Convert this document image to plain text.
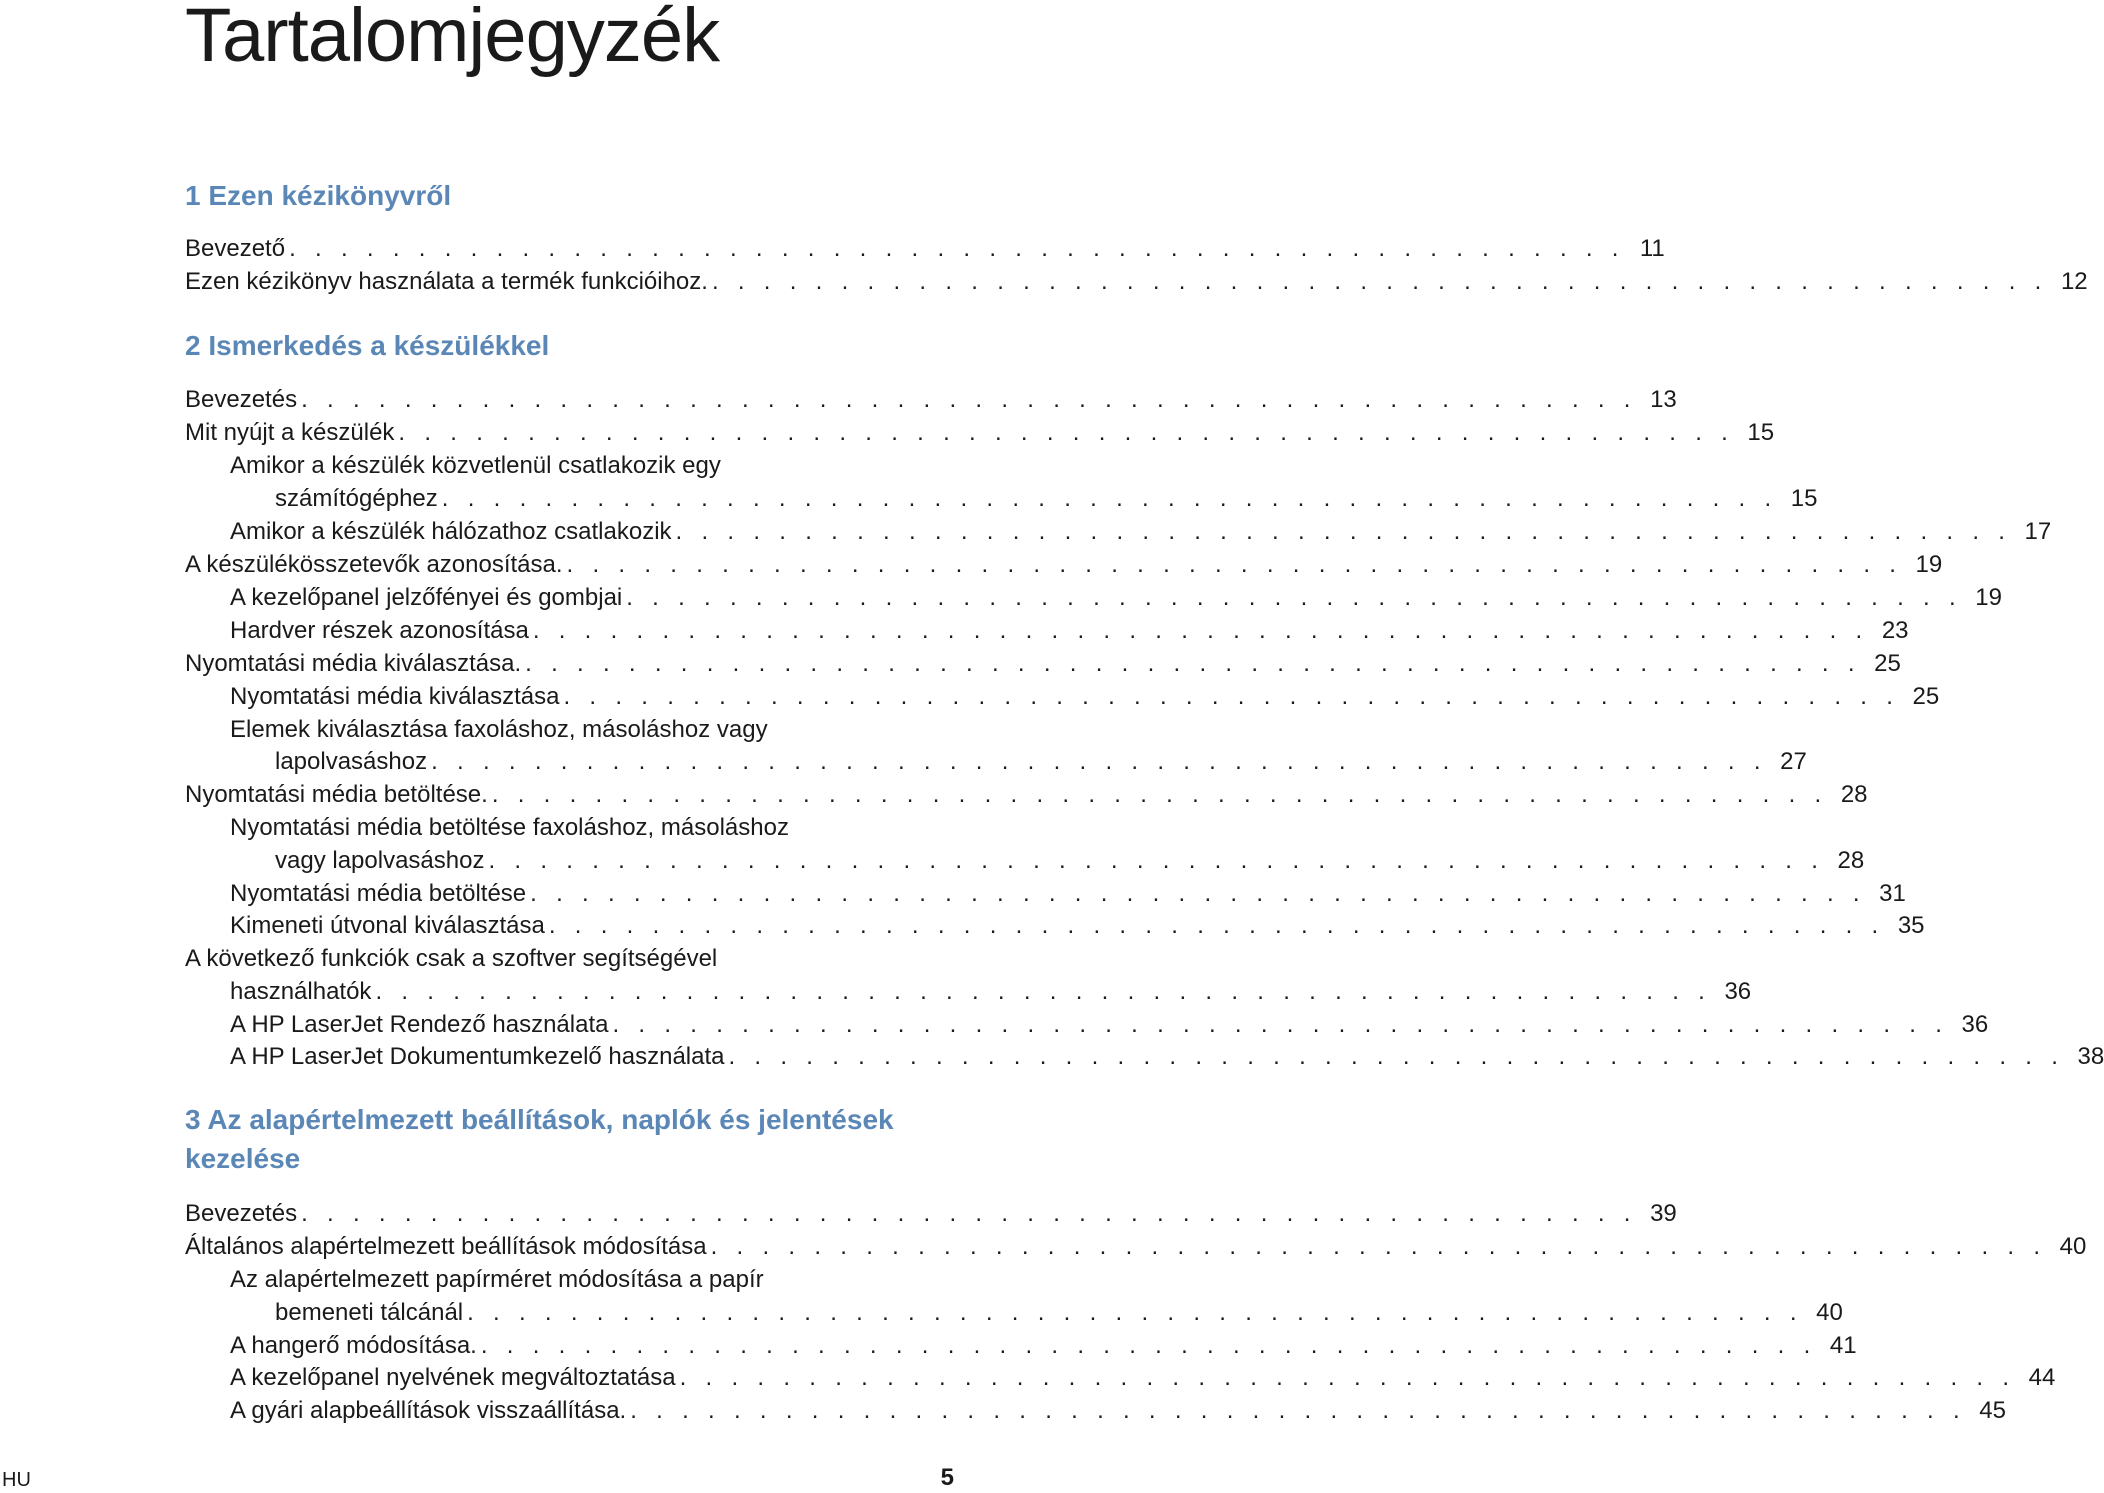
Tartalomjegyzék
1 Ezen kézikönyvről
Bevezető . . . . . . . . . . . . . . . . . . . . . . . . . . . . . . . . . . . . . . . . . . . . . . . . . . . . 11
Ezen kézikönyv használata a termék funkcióihoz. . . . . . . . . . . . . . . . . . . . . . . . . . . . . . . . . . . . . . . . . . . . . . . . . . . . . 12
2 Ismerkedés a készülékkel
Bevezetés . . . . . . . . . . . . . . . . . . . . . . . . . . . . . . . . . . . . . . . . . . . . . . . . . . . . 13
Mit nyújt a készülék . . . . . . . . . . . . . . . . . . . . . . . . . . . . . . . . . . . . . . . . . . . . . . . . . . . . 15
Amikor a készülék közvetlenül csatlakozik egy
számítógéphez . . . . . . . . . . . . . . . . . . . . . . . . . . . . . . . . . . . . . . . . . . . . . . . . . . . . 15
Amikor a készülék hálózathoz csatlakozik . . . . . . . . . . . . . . . . . . . . . . . . . . . . . . . . . . . . . . . . . . . . . . . . . . . . 17
A készülékösszetevők azonosítása. . . . . . . . . . . . . . . . . . . . . . . . . . . . . . . . . . . . . . . . . . . . . . . . . . . . . 19
A kezelőpanel jelzőfényei és gombjai . . . . . . . . . . . . . . . . . . . . . . . . . . . . . . . . . . . . . . . . . . . . . . . . . . . . 19
Hardver részek azonosítása . . . . . . . . . . . . . . . . . . . . . . . . . . . . . . . . . . . . . . . . . . . . . . . . . . . . 23
Nyomtatási média kiválasztása. . . . . . . . . . . . . . . . . . . . . . . . . . . . . . . . . . . . . . . . . . . . . . . . . . . . . 25
Nyomtatási média kiválasztása . . . . . . . . . . . . . . . . . . . . . . . . . . . . . . . . . . . . . . . . . . . . . . . . . . . . 25
Elemek kiválasztása faxoláshoz, másoláshoz vagy
lapolvasáshoz . . . . . . . . . . . . . . . . . . . . . . . . . . . . . . . . . . . . . . . . . . . . . . . . . . . . 27
Nyomtatási média betöltése. . . . . . . . . . . . . . . . . . . . . . . . . . . . . . . . . . . . . . . . . . . . . . . . . . . . . 28
Nyomtatási média betöltése faxoláshoz, másoláshoz
vagy lapolvasáshoz . . . . . . . . . . . . . . . . . . . . . . . . . . . . . . . . . . . . . . . . . . . . . . . . . . . . 28
Nyomtatási média betöltése . . . . . . . . . . . . . . . . . . . . . . . . . . . . . . . . . . . . . . . . . . . . . . . . . . . . 31
Kimeneti útvonal kiválasztása . . . . . . . . . . . . . . . . . . . . . . . . . . . . . . . . . . . . . . . . . . . . . . . . . . . . 35
A következő funkciók csak a szoftver segítségével
használhatók . . . . . . . . . . . . . . . . . . . . . . . . . . . . . . . . . . . . . . . . . . . . . . . . . . . . 36
A HP LaserJet Rendező használata . . . . . . . . . . . . . . . . . . . . . . . . . . . . . . . . . . . . . . . . . . . . . . . . . . . . 36
A HP LaserJet Dokumentumkezelő használata . . . . . . . . . . . . . . . . . . . . . . . . . . . . . . . . . . . . . . . . . . . . . . . . . . . . 38
3 Az alapértelmezett beállítások, naplók és jelentések
kezelése
Bevezetés . . . . . . . . . . . . . . . . . . . . . . . . . . . . . . . . . . . . . . . . . . . . . . . . . . . . 39
Általános alapértelmezett beállítások módosítása . . . . . . . . . . . . . . . . . . . . . . . . . . . . . . . . . . . . . . . . . . . . . . . . . . . . 40
Az alapértelmezett papírméret módosítása a papír
bemeneti tálcánál . . . . . . . . . . . . . . . . . . . . . . . . . . . . . . . . . . . . . . . . . . . . . . . . . . . . 40
A hangerő módosítása. . . . . . . . . . . . . . . . . . . . . . . . . . . . . . . . . . . . . . . . . . . . . . . . . . . . . 41
A kezelőpanel nyelvének megváltoztatása . . . . . . . . . . . . . . . . . . . . . . . . . . . . . . . . . . . . . . . . . . . . . . . . . . . . 44
A gyári alapbeállítások visszaállítása. . . . . . . . . . . . . . . . . . . . . . . . . . . . . . . . . . . . . . . . . . . . . . . . . . . . . 45
HU	5
